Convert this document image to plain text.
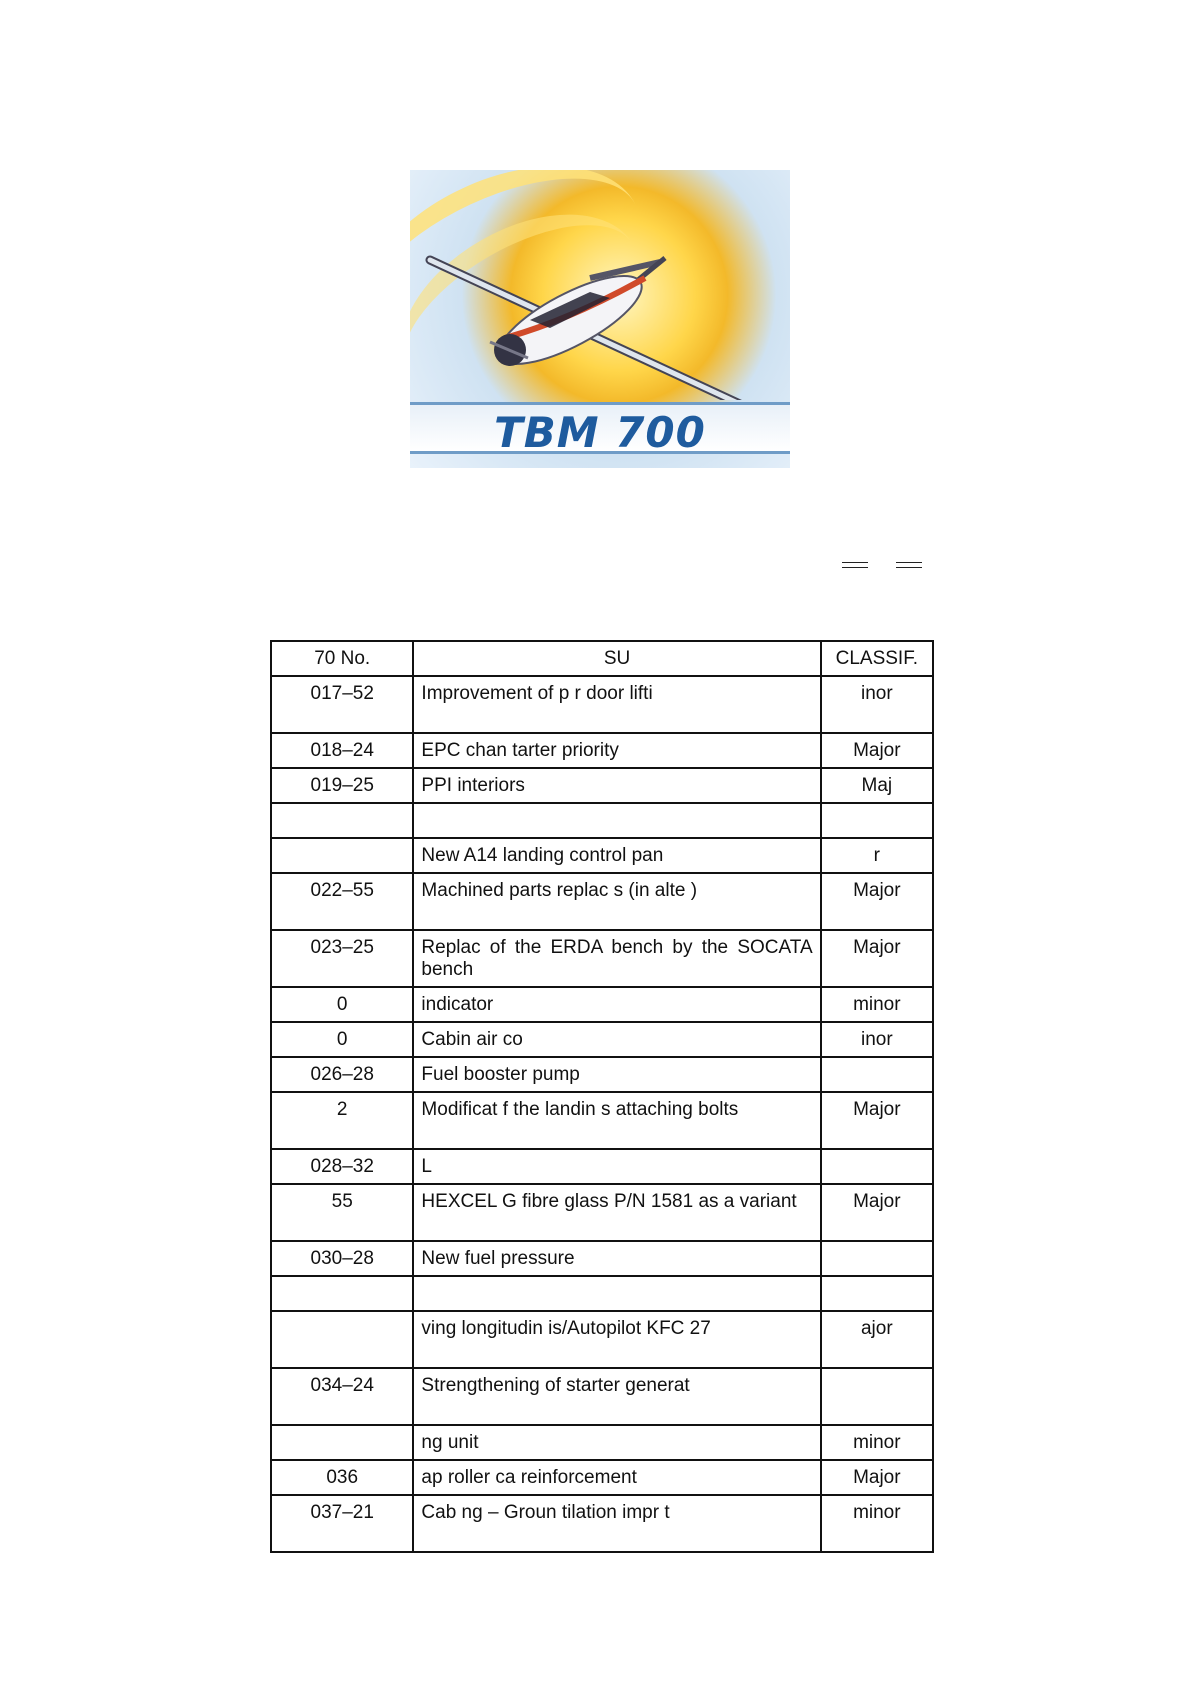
TBM 700
70 No.	SU	CLASSIF.
017–52	Improvement of p r door lifti	inor
018–24	EPC chan tarter priority	Major
019–25	PPI interiors	Maj

	New A14 landing control pan	r
022–55	Machined parts replac s (in alte )	Major
023–25	Replac of the ERDA bench by the SOCATA bench	Major
0	indicator	minor
0	Cabin air co	inor
026–28	Fuel booster pump	
2	Modificat f the landin s attaching bolts	Major
028–32	L	
55	HEXCEL G fibre glass P/N 1581 as a variant	Major
030–28	New fuel pressure	

	ving longitudin is/Autopilot KFC 27	ajor
034–24	Strengthening of starter generat	
	ng unit	minor
036	ap roller ca reinforcement	Major
037–21	Cab ng – Groun tilation impr t	minor
